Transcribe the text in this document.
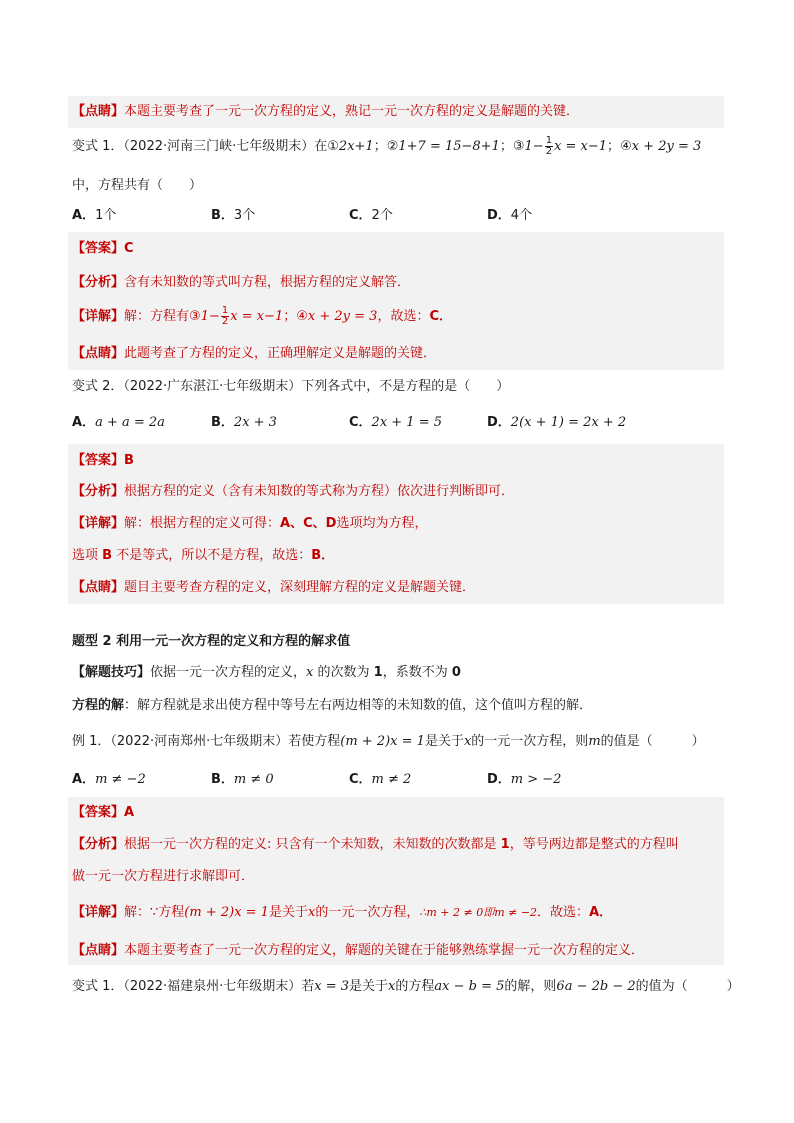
【点睛】本题主要考查了一元一次方程的定义，熟记一元一次方程的定义是解题的关键．
变式 1．（2022·河南三门峡·七年级期末）在①2x+1；②1+7 = 15−8+1；③1− $\frac{1}{2}$ x = x−1；④x + 2y = 3
中，方程共有（　　）
A．1个	B．3个	C．2个	D．4个
【答案】C
【分析】含有未知数的等式叫方程，根据方程的定义解答．
【详解】解：方程有③1− $\frac{1}{2}$ x = x−1；④x + 2y = 3，故选：C．
【点睛】此题考查了方程的定义，正确理解定义是解题的关键．
变式 2．（2022·广东湛江·七年级期末）下列各式中，不是方程的是（　　）
A．a + a = 2a	B．2x + 3	C．2x + 1 = 5	D．2(x + 1) = 2x + 2
【答案】B
【分析】根据方程的定义（含有未知数的等式称为方程）依次进行判断即可．
【详解】解：根据方程的定义可得：A、C、D选项均为方程，
选项 B 不是等式，所以不是方程，故选：B．
【点睛】题目主要考查方程的定义，深刻理解方程的定义是解题关键．
题型 2 利用一元一次方程的定义和方程的解求值
【解题技巧】依据一元一次方程的定义，x 的次数为 1，系数不为 0
方程的解：解方程就是求出使方程中等号左右两边相等的未知数的值，这个值叫方程的解．
例 1．（2022·河南郑州·七年级期末）若使方程(m + 2)x = 1是关于x的一元一次方程，则m的值是（　　　）
A．m ≠ −2	B．m ≠ 0	C．m ≠ 2	D．m > −2
【答案】A
【分析】根据一元一次方程的定义: 只含有一个未知数，未知数的次数都是 1，等号两边都是整式的方程叫
做一元一次方程进行求解即可．
【详解】解：∵方程(m + 2)x = 1是关于x的一元一次方程，∴m + 2 ≠ 0即m ≠ −2．故选：A．
【点睛】本题主要考查了一元一次方程的定义，解题的关键在于能够熟练掌握一元一次方程的定义．
变式 1．（2022·福建泉州·七年级期末）若x = 3是关于x的方程ax − b = 5的解，则6a − 2b − 2的值为（　　　）
